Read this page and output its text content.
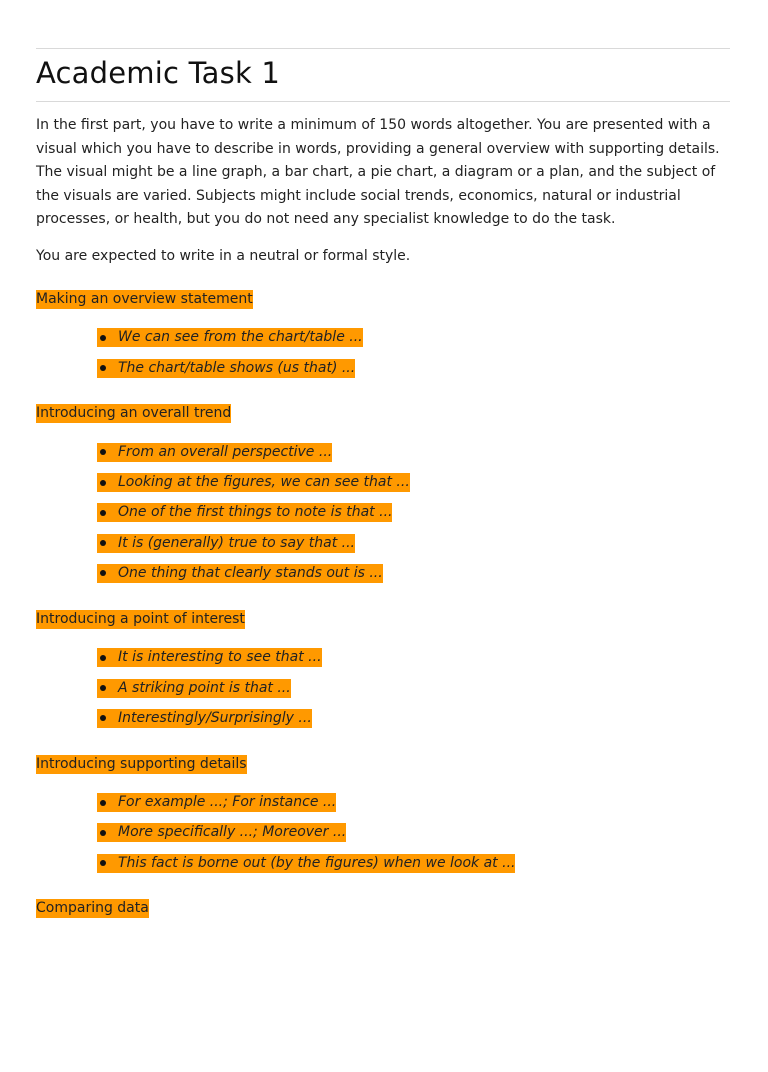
Academic Task 1

In the first part, you have to write a minimum of 150 words altogether. You are presented with a visual which you have to describe in words, providing a general overview with supporting details. The visual might be a line graph, a bar chart, a pie chart, a diagram or a plan, and the subject of the visuals are varied. Subjects might include social trends, economics, natural or industrial processes, or health, but you do not need any specialist knowledge to do the task.

You are expected to write in a neutral or formal style.

Making an overview statement
We can see from the chart/table ...
The chart/table shows (us that) ...
Introducing an overall trend
From an overall perspective ...
Looking at the figures, we can see that ...
One of the first things to note is that ...
It is (generally) true to say that ...
One thing that clearly stands out is ...
Introducing a point of interest
It is interesting to see that ...
A striking point is that ...
Interestingly/Surprisingly ...
Introducing supporting details
For example ...; For instance ...
More specifically ...; Moreover ...
This fact is borne out (by the figures) when we look at ...
Comparing data
